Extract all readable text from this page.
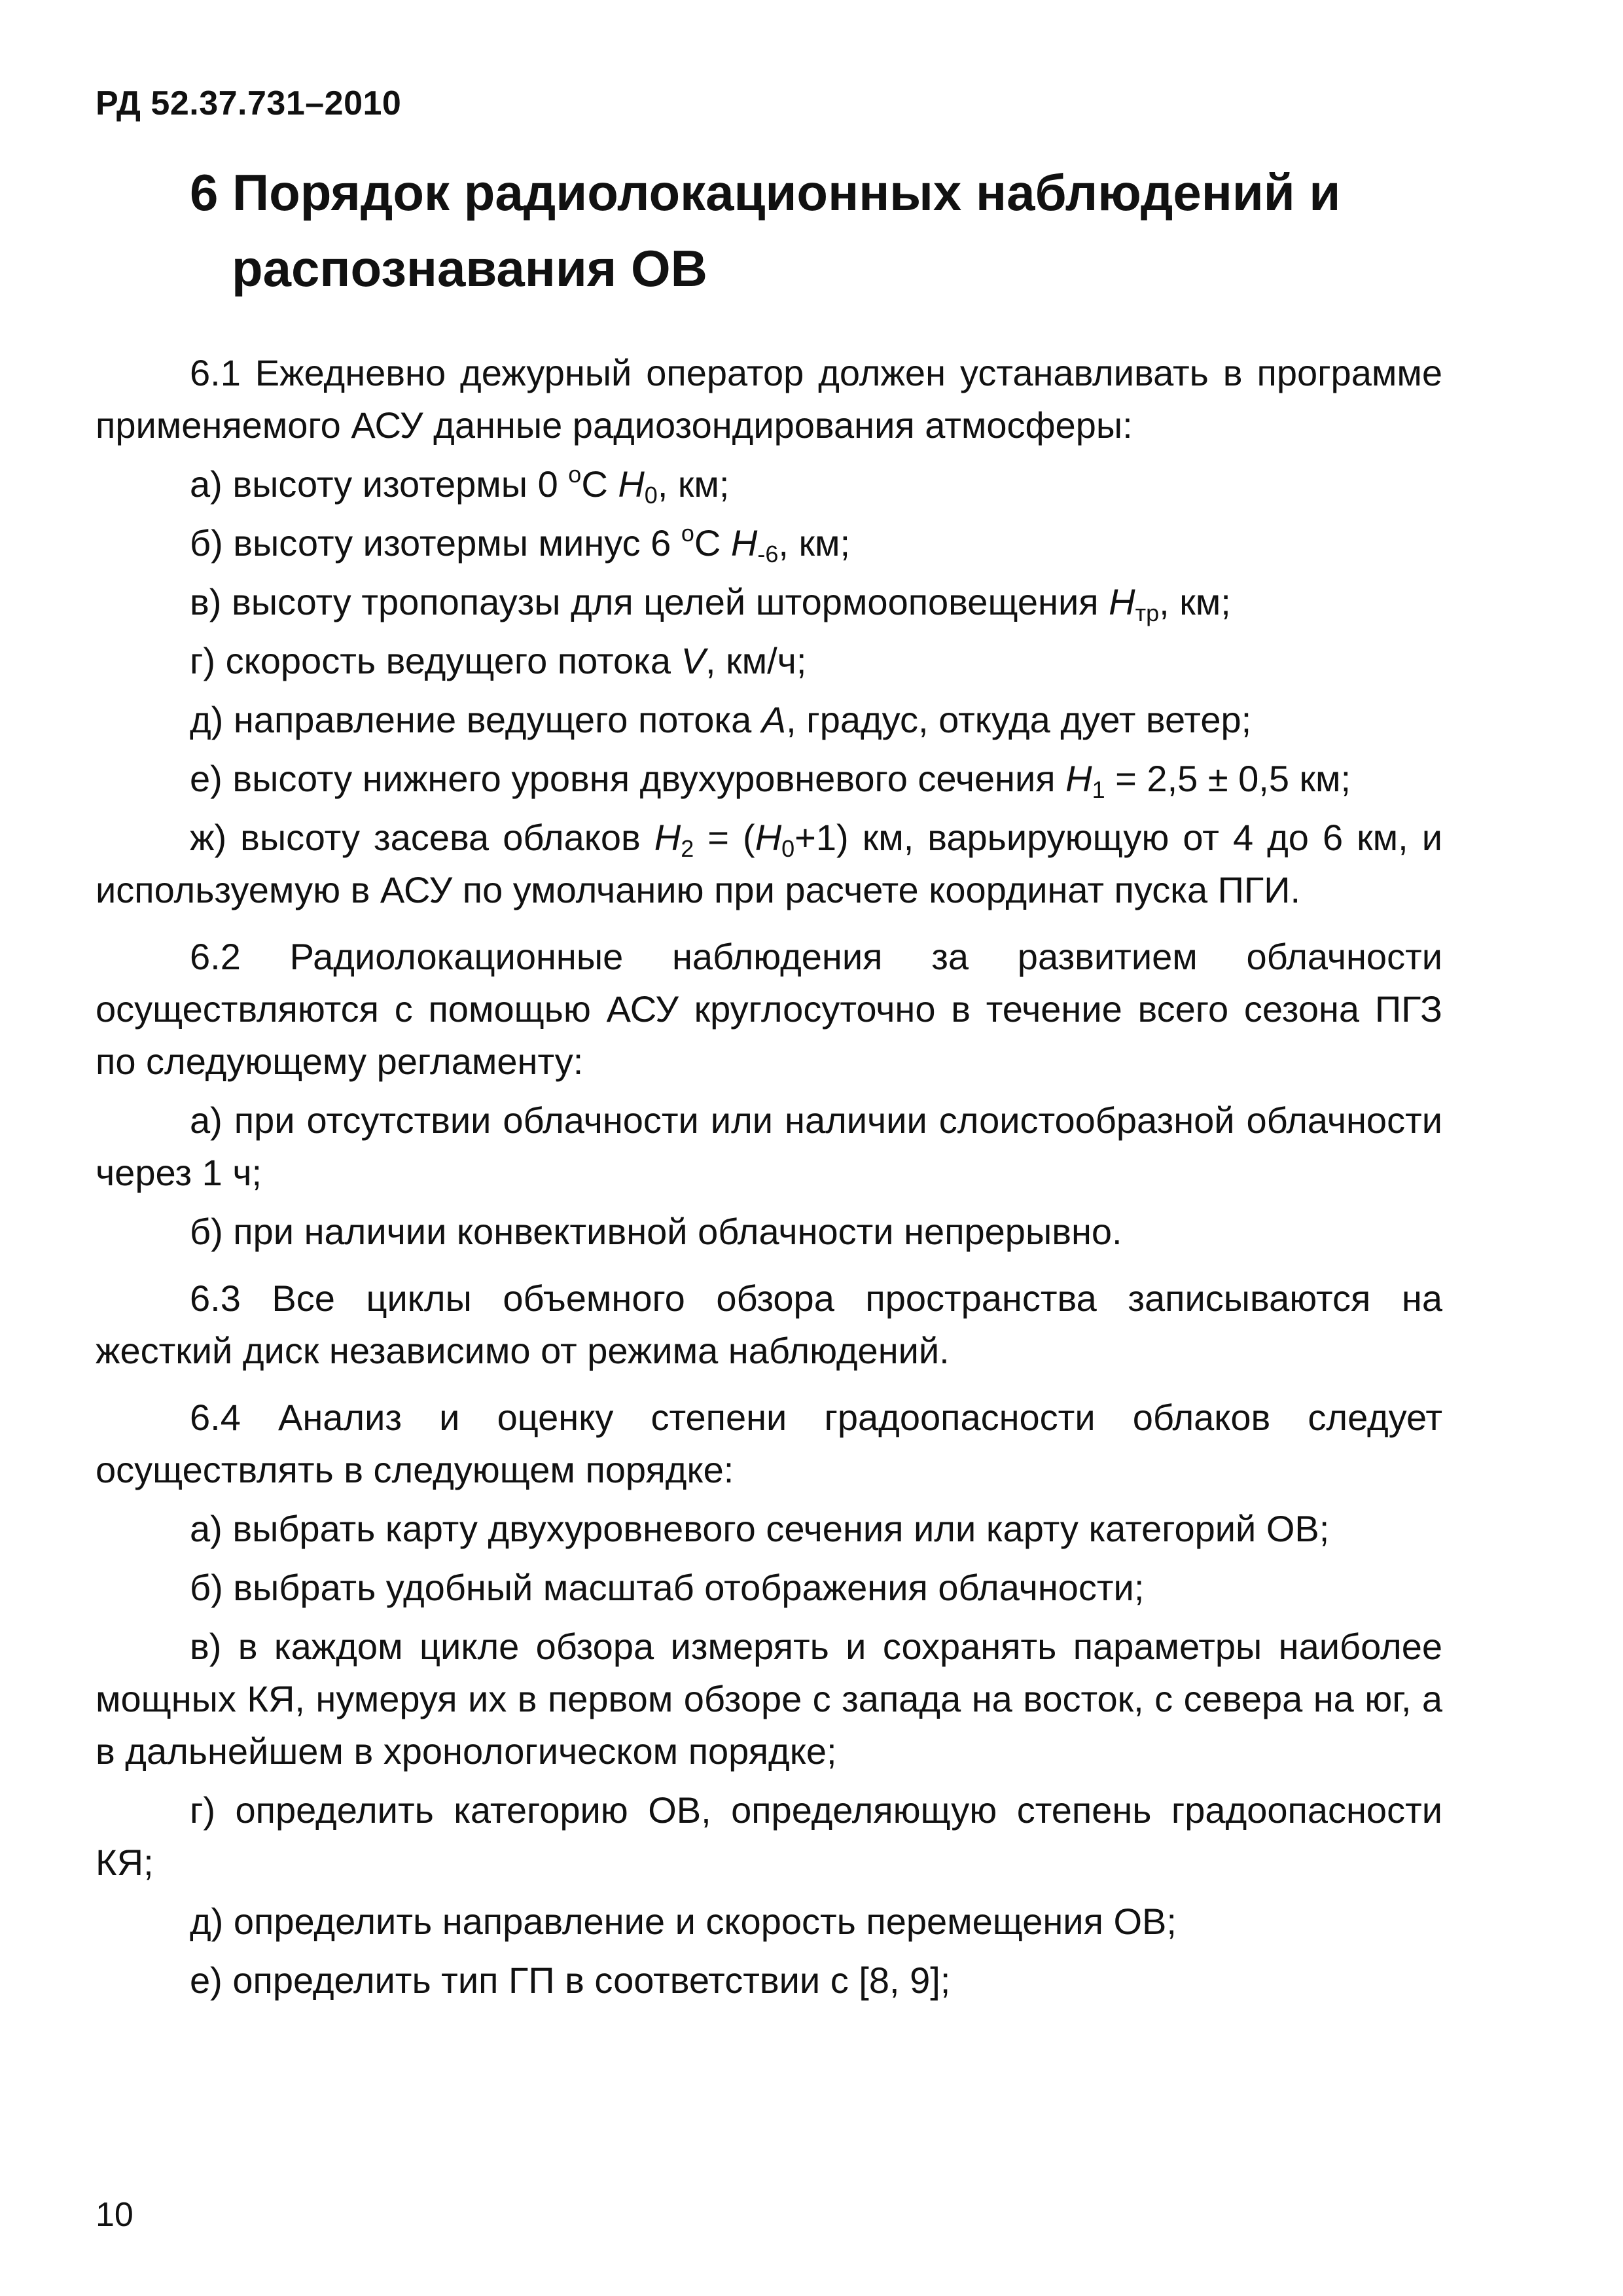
РД 52.37.731–2010
6 Порядок радиолокационных наблюдений и распознавания ОВ

6.1 Ежедневно дежурный оператор должен устанавливать в программе применяемого АСУ данные радиозондирования атмосферы:

а) высоту изотермы 0 $^о$С $H_0$, км;
б) высоту изотермы минус 6 $^о$С $H_{-6}$, км;
в) высоту тропопаузы для целей штормооповещения $H_{тр}$, км;
г) скорость ведущего потока V, км/ч;
д) направление ведущего потока A, градус, откуда дует ветер;
е) высоту нижнего уровня двухуровневого сечения $H_1 = 2,5 \pm 0,5$ км;
ж) высоту засева облаков $H_2 = (H_0+1)$ км, варьирующую от 4 до 6 км, и используемую в АСУ по умолчанию при расчете координат пуска ПГИ.

6.2 Радиолокационные наблюдения за развитием облачности осуществляются с помощью АСУ круглосуточно в течение всего сезона ПГЗ по следующему регламенту:

а) при отсутствии облачности или наличии слоистообразной облачности через 1 ч;
б) при наличии конвективной облачности непрерывно.

6.3 Все циклы объемного обзора пространства записываются на жесткий диск независимо от режима наблюдений.

6.4 Анализ и оценку степени градоопасности облаков следует осуществлять в следующем порядке:

а) выбрать карту двухуровневого сечения или карту категорий ОВ;
б) выбрать удобный масштаб отображения облачности;
в) в каждом цикле обзора измерять и сохранять параметры наиболее мощных КЯ, нумеруя их в первом обзоре с запада на восток, с севера на юг, а в дальнейшем в хронологическом порядке;
г) определить категорию ОВ, определяющую степень градоопасности КЯ;
д) определить направление и скорость перемещения ОВ;
е) определить тип ГП в соответствии с [8, 9];
10
